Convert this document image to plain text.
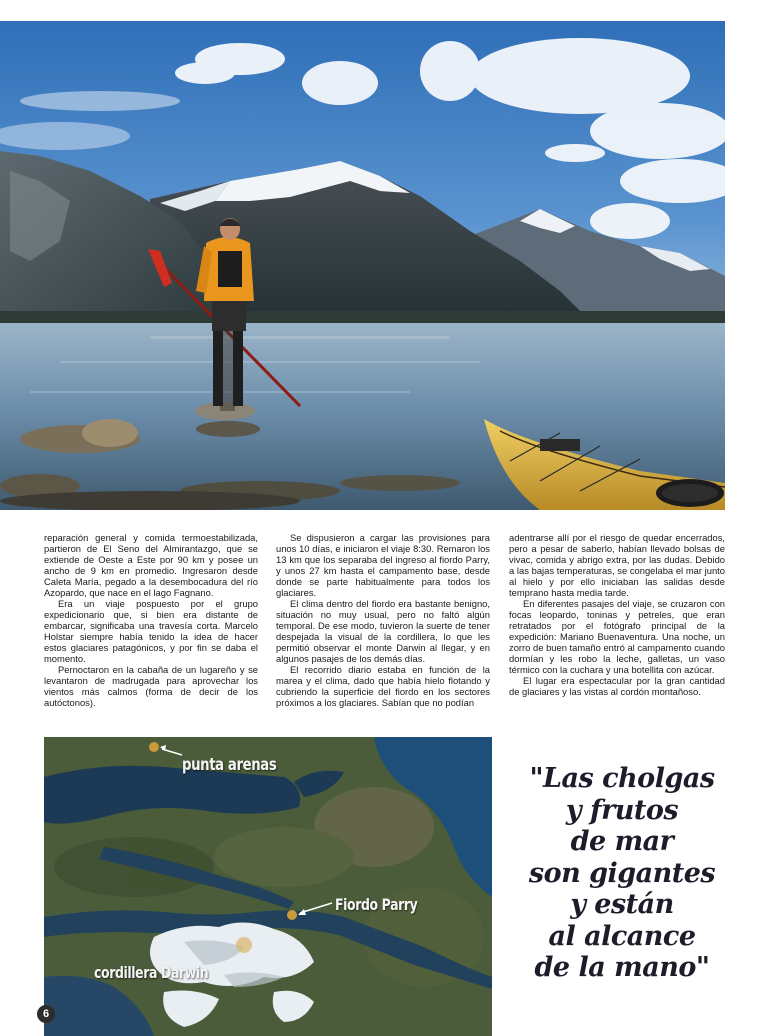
reparación general y comida termoestabilizada, partieron de El Seno del Almirantazgo, que se extiende de Oeste a Este por 90 km y posee un ancho de 9 km en promedio. Ingresaron desde Caleta María, pegado a la desembocadura del río Azopardo, que nace en el lago Fagnano.

Era un viaje pospuesto por el grupo expedicionario que, si bien era distante de embarcar, significaba una travesía corta. Marcelo Holstar siempre había tenido la idea de hacer estos glaciares patagónicos, y por fin se daba el momento.

Pernoctaron en la cabaña de un lugareño y se levantaron de madrugada para aprovechar los vientos más calmos (forma de decir de los autóctonos).

Se dispusieron a cargar las provisiones para unos 10 días, e iniciaron el viaje 8:30. Remaron los 13 km que los separaba del ingreso al fiordo Parry, y unos 27 km hasta el campamento base, desde donde se parte habitualmente para todos los glaciares.

El clima dentro del fiordo era bastante benigno, situación no muy usual, pero no faltó algún temporal. De ese modo, tuvieron la suerte de tener despejada la visual de la cordillera, lo que les permitió observar el monte Darwin al llegar, y en algunos pasajes de los demás días.

El recorrido diario estaba en función de la marea y el clima, dado que había hielo flotando y cubriendo la superficie del fiordo en los sectores próximos a los glaciares. Sabían que no podían

adentrarse allí por el riesgo de quedar encerrados, pero a pesar de saberlo, habían llevado bolsas de vivac, comida y abrigo extra, por las dudas. Debido a las bajas temperaturas, se congelaba el mar junto al hielo y por ello iniciaban las salidas desde temprano hasta media tarde.

En diferentes pasajes del viaje, se cruzaron con focas leopardo, toninas y petreles, que eran retratados por el fotógrafo principal de la expedición: Mariano Buenaventura. Una noche, un zorro de buen tamaño entró al campamento cuando dormían y les robo la leche, galletas, un vaso térmico con la cuchara y una botellita con azúcar.

El lugar era espectacular por la gran cantidad de glaciares y las vistas al cordón montañoso.

punta arenas
Fiordo Parry
cordillera Darwin
"Las cholgas
y frutos
de mar
son gigantes
y están
al alcance
de la mano"
6
